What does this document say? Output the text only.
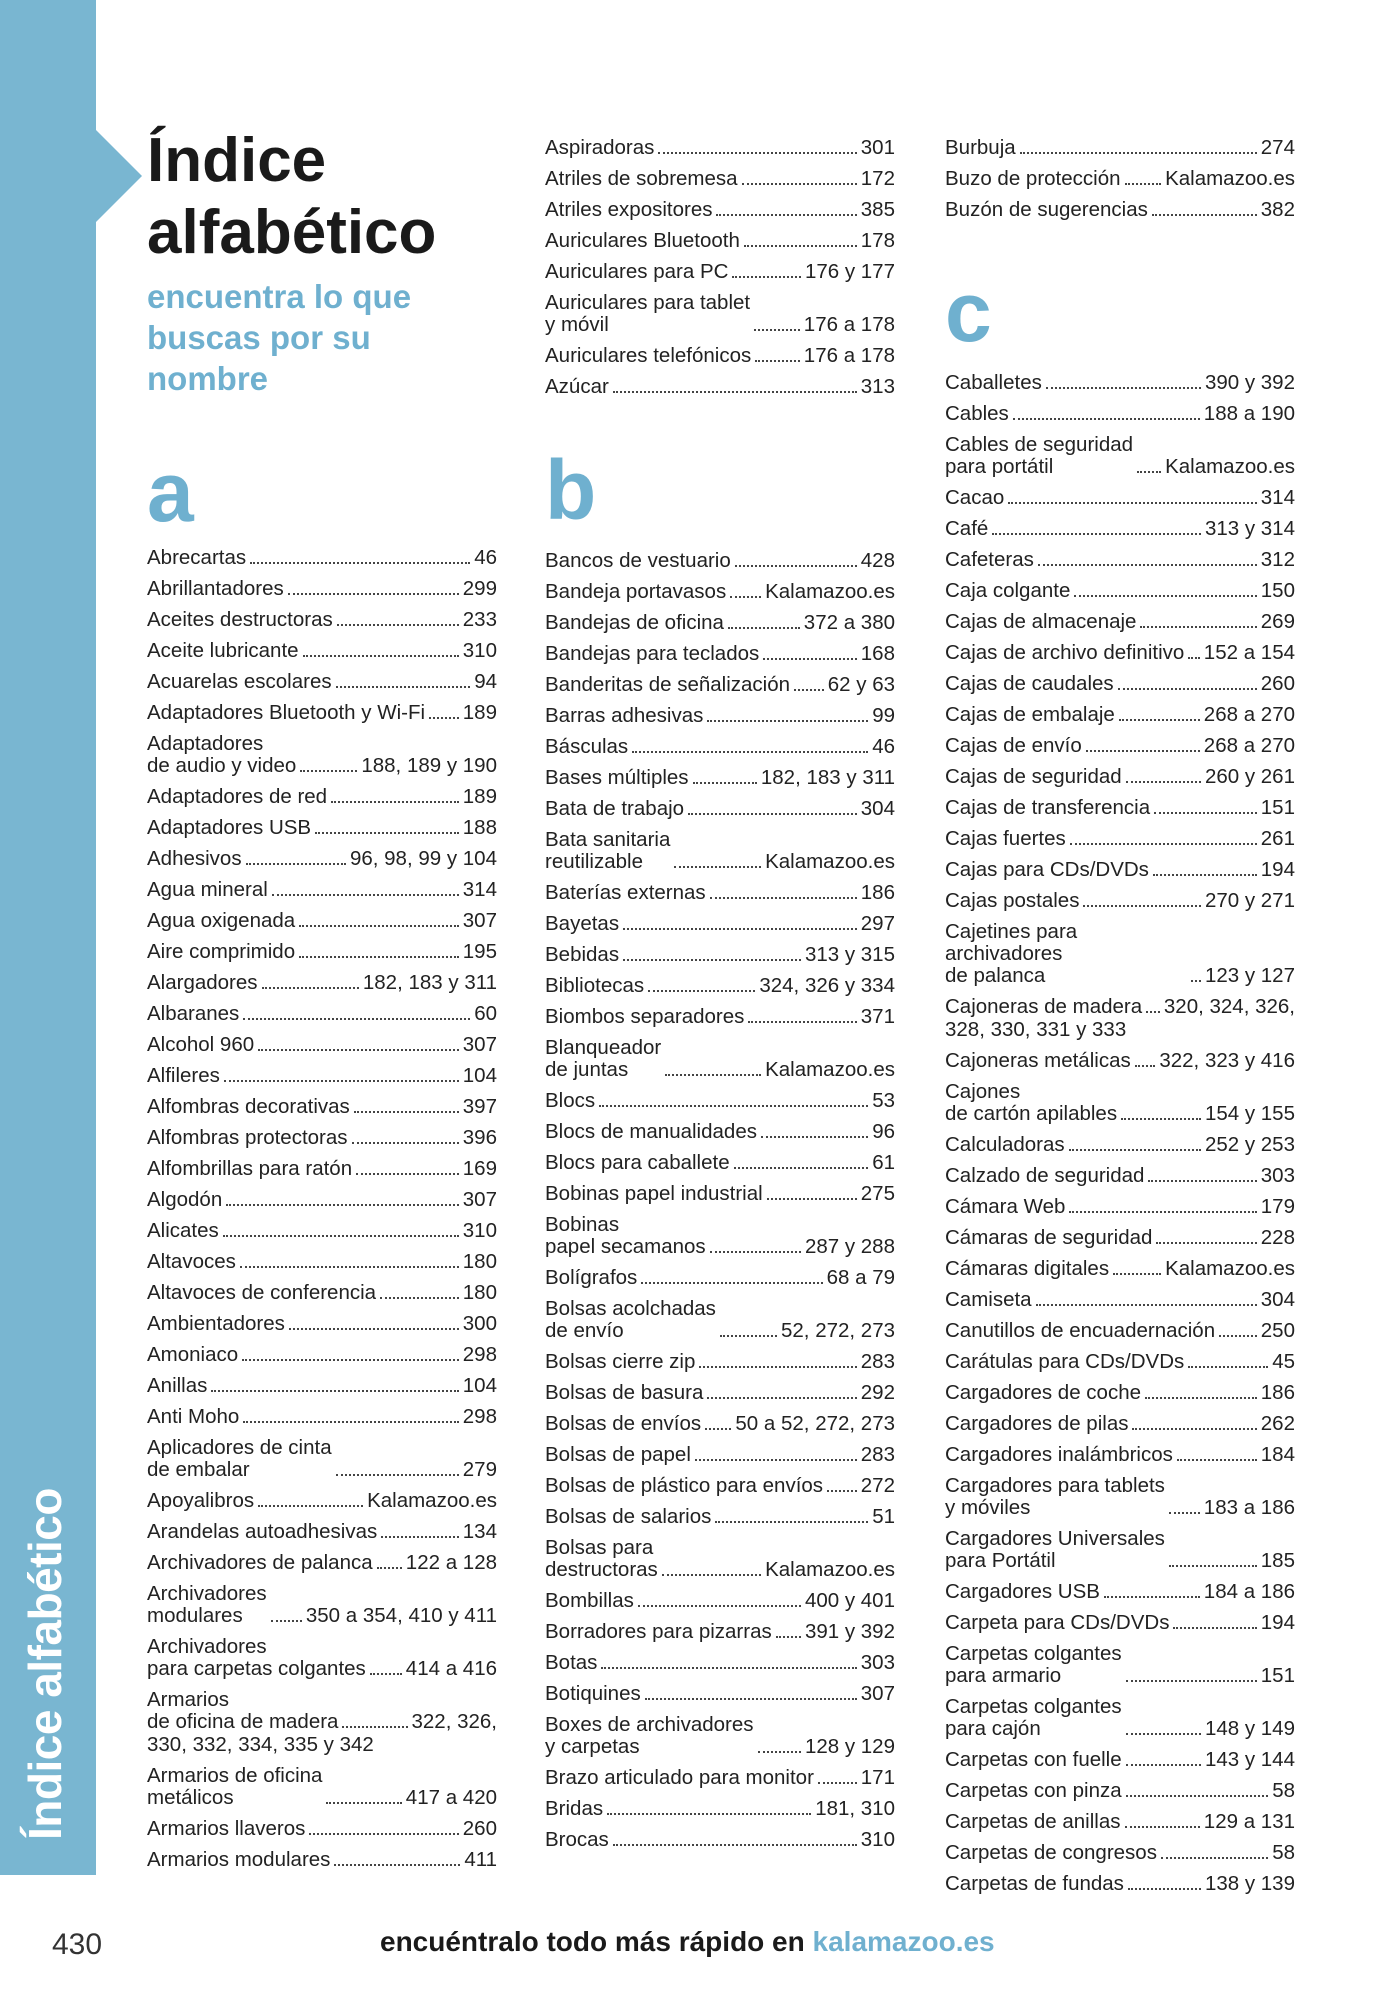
Índice alfabético
Índice alfabético
encuentra lo que buscas por su nombre
a	b
c
Abrecartas	46
Abrillantadores	299
Aceites destructoras	233
Aceite lubricante	310
Acuarelas escolares	94
Adaptadores Bluetooth y Wi-Fi 189
Adaptadores
de audio y video	188, 189 y 190
Adaptadores de red	189
Adaptadores USB	188
Adhesivos	96, 98, 99 y 104
Agua mineral	314
Agua oxigenada	307
Aire comprimido	195
Alargadores	182, 183 y 311
Albaranes	60
Alcohol 960	307
Alfileres	104
Alfombras decorativas	397
Alfombras protectoras	396
Alfombrillas para ratón	169
Algodón	307
Alicates	310
Altavoces	180
Altavoces de conferencia	180
Ambientadores	300
Amoniaco	298
Anillas	104
Anti Moho	298
Aplicadores de cinta
de embalar	279
Apoyalibros	Kalamazoo.es
Arandelas autoadhesivas	134
Archivadores de palanca 122 a 128
Archivadores
modulares	350 a 354, 410 y 411
Archivadores
para carpetas colgantes 414 a 416
Armarios
de oficina de madera	322, 326,
330, 332, 334, 335 y 342
Armarios de oficina
metálicos	417 a 420
Armarios llaveros	260
Armarios modulares	411
Aspiradoras	301
Atriles de sobremesa	172
Atriles expositores	385
Auriculares Bluetooth	178
Auriculares para PC	176 y 177
Auriculares para tablet
y móvil	176 a 178
Auriculares telefónicos	176 a 178
Azúcar	313
Bancos de vestuario	428
Bandeja portavasos Kalamazoo.es
Bandejas de oficina	372 a 380
Bandejas para teclados	168
Banderitas de señalización 62 y 63
Barras adhesivas	99
Básculas	46
Bases múltiples	182, 183 y 311
Bata de trabajo	304
Bata sanitaria
reutilizable	Kalamazoo.es
Baterías externas	186
Bayetas	297
Bebidas	313 y 315
Bibliotecas	324, 326 y 334
Biombos separadores	371
Blanqueador
de juntas	Kalamazoo.es
Blocs	53
Blocs de manualidades	96
Blocs para caballete	61
Bobinas papel industrial	275
Bobinas
papel secamanos	287 y 288
Bolígrafos	68 a 79
Bolsas acolchadas
de envío	52, 272, 273
Bolsas cierre zip	283
Bolsas de basura	292
Bolsas de envíos 50 a 52, 272, 273
Bolsas de papel	283
Bolsas de plástico para envíos 272
Bolsas de salarios	51
Bolsas para
destructoras	Kalamazoo.es
Bombillas	400 y 401
Borradores para pizarras 391 y 392
Botas	303
Botiquines	307
Boxes de archivadores
y carpetas	128 y 129
Brazo articulado para monitor 171
Bridas	181, 310
Brocas	310
Burbuja	274
Buzo de protección Kalamazoo.es
Buzón de sugerencias	382
Caballetes	390 y 392
Cables	188 a 190
Cables de seguridad
para portátil	Kalamazoo.es
Cacao	314
Café	313 y 314
Cafeteras	312
Caja colgante	150
Cajas de almacenaje	269
Cajas de archivo definitivo 152 a 154
Cajas de caudales	260
Cajas de embalaje	268 a 270
Cajas de envío	268 a 270
Cajas de seguridad	260 y 261
Cajas de transferencia	151
Cajas fuertes	261
Cajas para CDs/DVDs	194
Cajas postales	270 y 271
Cajetines para archivadores
de palanca	123 y 127
Cajoneras de madera 320, 324, 326,
328, 330, 331 y 333
Cajoneras metálicas 322, 323 y 416
Cajones
de cartón apilables	154 y 155
Calculadoras	252 y 253
Calzado de seguridad	303
Cámara Web	179
Cámaras de seguridad	228
Cámaras digitales	Kalamazoo.es
Camiseta	304
Canutillos de encuadernación 250
Carátulas para CDs/DVDs	45
Cargadores de coche	186
Cargadores de pilas	262
Cargadores inalámbricos	184
Cargadores para tablets
y móviles	183 a 186
Cargadores Universales
para Portátil	185
Cargadores USB	184 a 186
Carpeta para CDs/DVDs	194
Carpetas colgantes
para armario	151
Carpetas colgantes
para cajón	148 y 149
Carpetas con fuelle	143 y 144
Carpetas con pinza	58
Carpetas de anillas	129 a 131
Carpetas de congresos	58
Carpetas de fundas	138 y 139
430	encuéntralo todo más rápido en kalamazoo.es
